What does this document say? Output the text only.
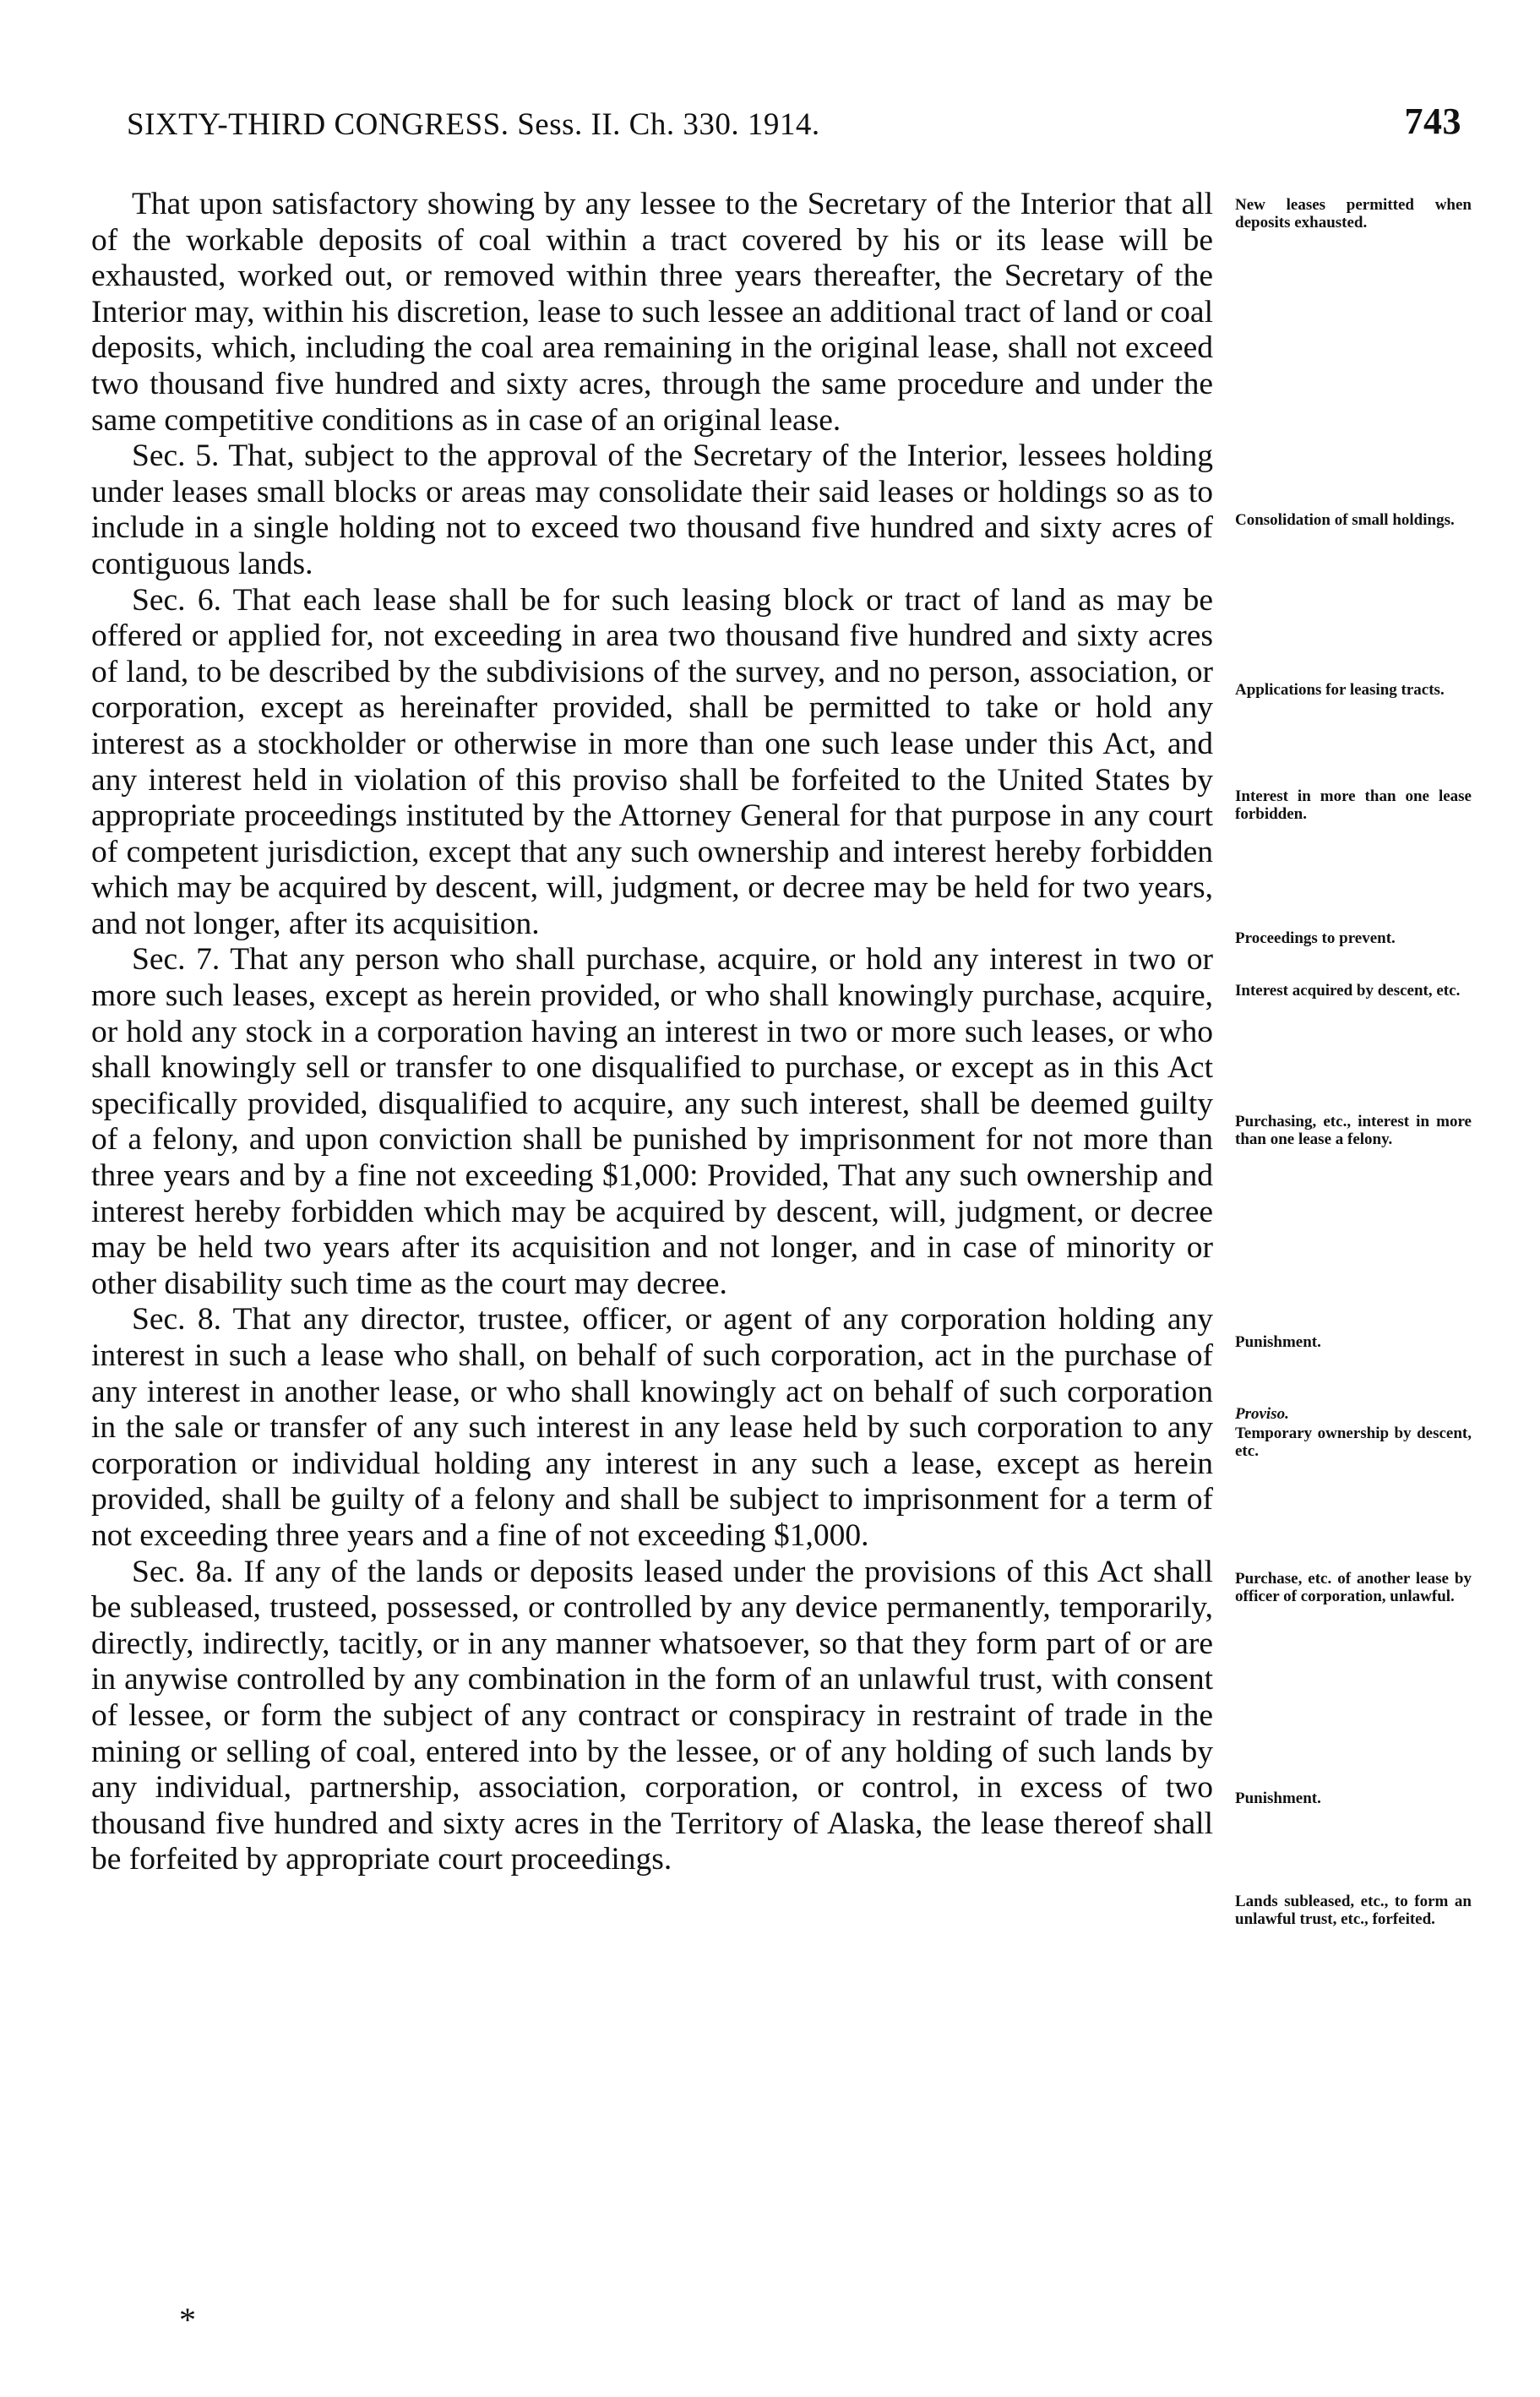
SIXTY-THIRD CONGRESS. Sess. II. Ch. 330. 1914.	743

That upon satisfactory showing by any lessee to the Secretary of the Interior that all of the workable deposits of coal within a tract covered by his or its lease will be exhausted, worked out, or removed within three years thereafter, the Secretary of the Interior may, within his discretion, lease to such lessee an additional tract of land or coal deposits, which, including the coal area remaining in the original lease, shall not exceed two thousand five hundred and sixty acres, through the same procedure and under the same competitive conditions as in case of an original lease.

Sec. 5. That, subject to the approval of the Secretary of the Interior, lessees holding under leases small blocks or areas may consolidate their said leases or holdings so as to include in a single holding not to exceed two thousand five hundred and sixty acres of contiguous lands.

Sec. 6. That each lease shall be for such leasing block or tract of land as may be offered or applied for, not exceeding in area two thousand five hundred and sixty acres of land, to be described by the subdivisions of the survey, and no person, association, or corporation, except as hereinafter provided, shall be permitted to take or hold any interest as a stockholder or otherwise in more than one such lease under this Act, and any interest held in violation of this proviso shall be forfeited to the United States by appropriate proceedings instituted by the Attorney General for that purpose in any court of competent jurisdiction, except that any such ownership and interest hereby forbidden which may be acquired by descent, will, judgment, or decree may be held for two years, and not longer, after its acquisition.

Sec. 7. That any person who shall purchase, acquire, or hold any interest in two or more such leases, except as herein provided, or who shall knowingly purchase, acquire, or hold any stock in a corporation having an interest in two or more such leases, or who shall knowingly sell or transfer to one disqualified to purchase, or except as in this Act specifically provided, disqualified to acquire, any such interest, shall be deemed guilty of a felony, and upon conviction shall be punished by imprisonment for not more than three years and by a fine not exceeding $1,000: Provided, That any such ownership and interest hereby forbidden which may be acquired by descent, will, judgment, or decree may be held two years after its acquisition and not longer, and in case of minority or other disability such time as the court may decree.

Sec. 8. That any director, trustee, officer, or agent of any corporation holding any interest in such a lease who shall, on behalf of such corporation, act in the purchase of any interest in another lease, or who shall knowingly act on behalf of such corporation in the sale or transfer of any such interest in any lease held by such corporation to any corporation or individual holding any interest in any such a lease, except as herein provided, shall be guilty of a felony and shall be subject to imprisonment for a term of not exceeding three years and a fine of not exceeding $1,000.

Sec. 8a. If any of the lands or deposits leased under the provisions of this Act shall be subleased, trusteed, possessed, or controlled by any device permanently, temporarily, directly, indirectly, tacitly, or in any manner whatsoever, so that they form part of or are in anywise controlled by any combination in the form of an unlawful trust, with consent of lessee, or form the subject of any contract or conspiracy in restraint of trade in the mining or selling of coal, entered into by the lessee, or of any holding of such lands by any individual, partnership, association, corporation, or control, in excess of two thousand five hundred and sixty acres in the Territory of Alaska, the lease thereof shall be forfeited by appropriate court proceedings.

New leases permitted when deposits exhausted.
Consolidation of small holdings.
Applications for leasing tracts.
Interest in more than one lease forbidden.
Proceedings to prevent.
Interest acquired by descent, etc.
Purchasing, etc., interest in more than one lease a felony.
Punishment.
Proviso.
Temporary ownership by descent, etc.
Purchase, etc. of another lease by officer of corporation, unlawful.
Punishment.
Lands subleased, etc., to form an unlawful trust, etc., forfeited.
*
